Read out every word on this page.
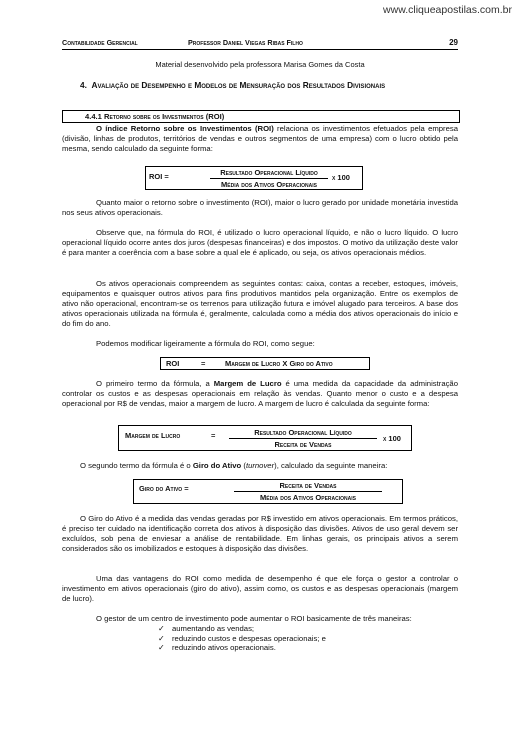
www.cliqueapostilas.com.br
Contabilidade Gerencial	Professor Daniel Viegas Ribas Filho	29
Material desenvolvido pela professora Marisa Gomes da Costa
4. Avaliação de Desempenho e Modelos de Mensuração dos Resultados Divisionais
4.4.1 Retorno sobre os Investimentos (ROI)
O índice Retorno sobre os Investimentos (ROI) relaciona os investimentos efetuados pela empresa (divisão, linhas de produtos, territórios de vendas e outros segmentos de uma empresa) com o lucro obtido pela mesma, sendo calculado da seguinte forma:
ROI =	Resultado Operacional Líquido
Média dos Ativos Operacionais
x 100
Quanto maior o retorno sobre o investimento (ROI), maior o lucro gerado por unidade monetária investida nos seus ativos operacionais.
Observe que, na fórmula do ROI, é utilizado o lucro operacional líquido, e não o lucro líquido. O lucro operacional líquido ocorre antes dos juros (despesas financeiras) e dos impostos. O motivo da utilização deste valor é para manter a coerência com a base sobre a qual ele é aplicado, ou seja, os ativos operacionais médios.
Os ativos operacionais compreendem as seguintes contas: caixa, contas a receber, estoques, imóveis, equipamentos e quaisquer outros ativos para fins produtivos mantidos pela organização. Entre os exemplos de ativo não operacional, encontram-se os terrenos para utilização futura e imóvel alugado para terceiros. A base dos ativos operacionais utilizada na fórmula é, geralmente, calculada como a média dos ativos operacionais do início e do fim do ano.
Podemos modificar ligeiramente a fórmula do ROI, como segue:
ROI	=	Margem de Lucro X Giro do Ativo
O primeiro termo da fórmula, a Margem de Lucro é uma medida da capacidade da administração controlar os custos e as despesas operacionais em relação às vendas. Quanto menor o custo e a despesa operacional por R$ de vendas, maior a margem de lucro. A margem de lucro é calculada da seguinte forma:
Margem de Lucro	=	Resultado Operacional Líquido
Receita de Vendas
x 100
O segundo termo da fórmula é o Giro do Ativo (turnover), calculado da seguinte maneira:
Giro do Ativo =	Receita de Vendas
Média dos Ativos Operacionais
O Giro do Ativo é a medida das vendas geradas por R$ investido em ativos operacionais. Em termos práticos, é preciso ter cuidado na identificação correta dos ativos à disposição das divisões. Ativos de uso geral devem ser excluídos, sob pena de enviesar a análise de rentabilidade. Em linhas gerais, os principais ativos a serem considerados são os imobilizados e estoques à disposição das divisões.
Uma das vantagens do ROI como medida de desempenho é que ele força o gestor a controlar o investimento em ativos operacionais (giro do ativo), assim como, os custos e as despesas operacionais (margem de lucro).
O gestor de um centro de investimento pode aumentar o ROI basicamente de três maneiras:
✓ aumentando as vendas;
✓ reduzindo custos e despesas operacionais; e
✓ reduzindo ativos operacionais.
